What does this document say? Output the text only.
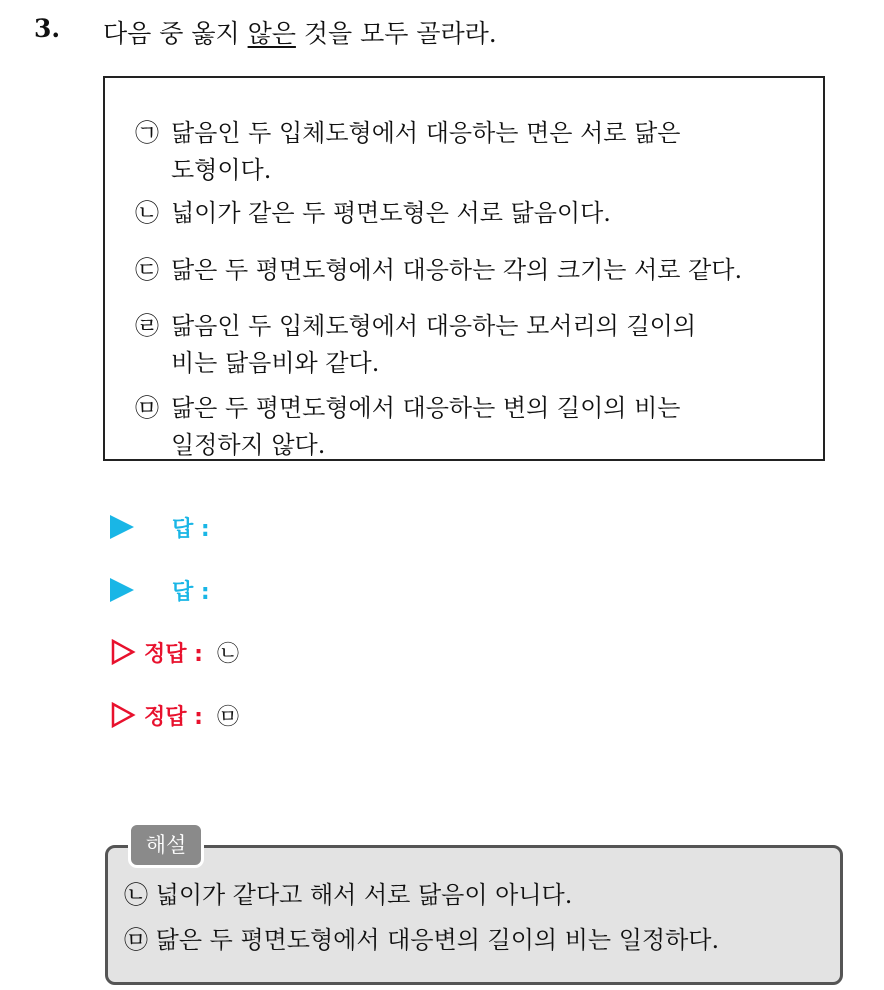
3. 다음 중 옳지 않은 것을 모두 골라라.
㉠ 닮음인 두 입체도형에서 대응하는 면은 서로 닮은
도형이다.
㉡ 넓이가 같은 두 평면도형은 서로 닮음이다.
㉢ 닮은 두 평면도형에서 대응하는 각의 크기는 서로 같다.
㉣ 닮음인 두 입체도형에서 대응하는 모서리의 길이의
비는 닮음비와 같다.
㉤ 닮은 두 평면도형에서 대응하는 변의 길이의 비는
일정하지 않다.
답 :
답 :
정답 : ㉡
정답 : ㉤
해설
㉡ 넓이가 같다고 해서 서로 닮음이 아니다.
㉤ 닮은 두 평면도형에서 대응변의 길이의 비는 일정하다.
